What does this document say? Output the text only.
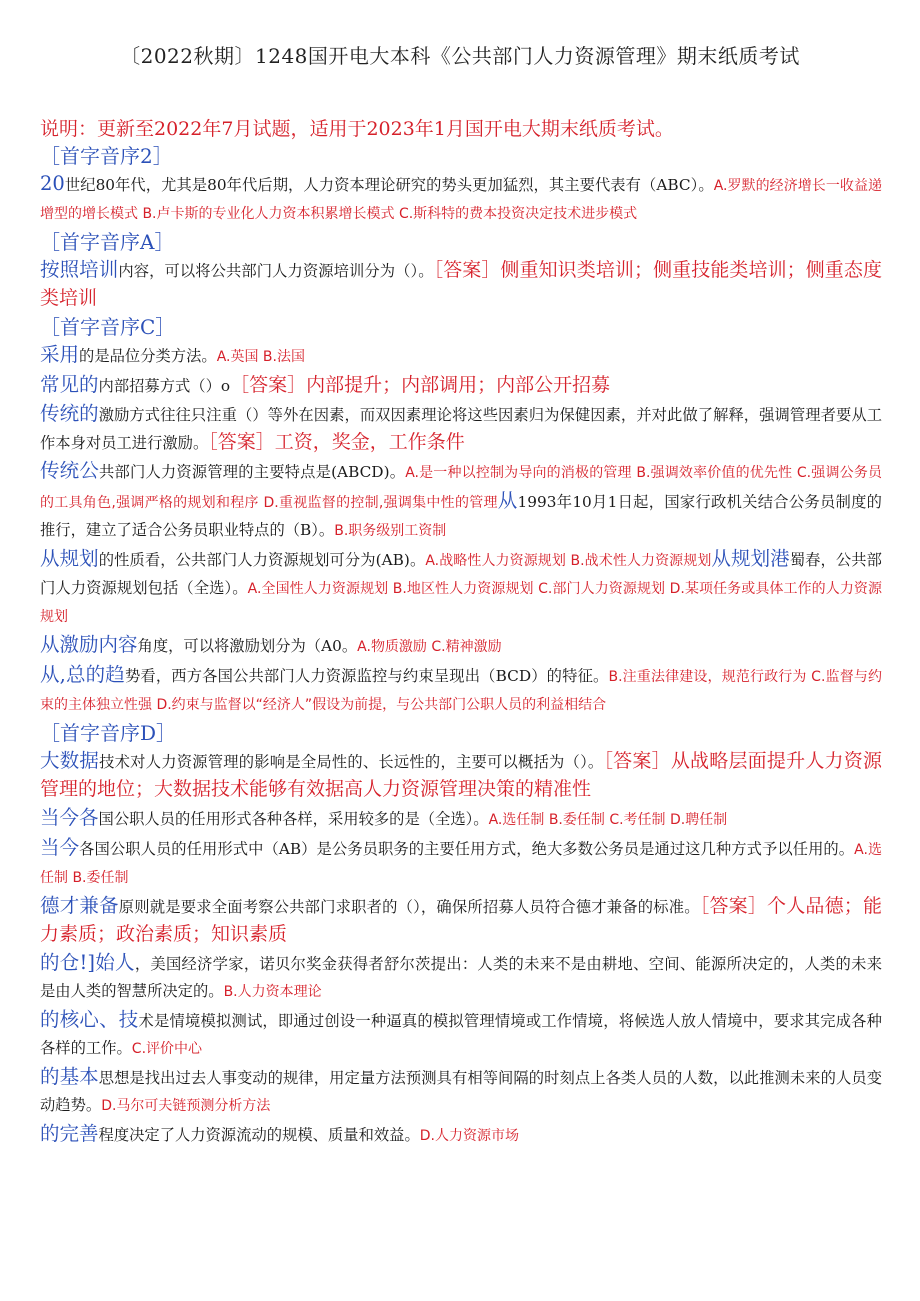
〔2022秋期〕1248国开电大本科《公共部门人力资源管理》期末纸质考试
说明：更新至2022年7月试题，适用于2023年1月国开电大期末纸质考试。
［首字音序2］
20世纪80年代，尤其是80年代后期，人力资本理论研究的势头更加猛烈，其主要代表有（ABC）。A.罗默的经济增长一收益递增型的增长模式 B.卢卡斯的专业化人力资本积累增长模式 C.斯科特的费本投资决定技术进步模式
［首字音序A］
按照培训内容，可以将公共部门人力资源培训分为（）。［答案］侧重知识类培训；侧重技能类培训；侧重态度类培训
［首字音序C］
采用的是品位分类方法。A.英国 B.法国
常见的内部招募方式（）o［答案］内部提升；内部调用；内部公开招募
传统的激励方式往往只注重（）等外在因素，而双因素理论将这些因素归为保健因素，并对此做了解释，强调管理者要从工作本身对员工进行激励。［答案］工资，奖金，工作条件
传统公共部门人力资源管理的主要特点是(ABCD)。A.是一种以控制为导向的消极的管理 B.强调效率价值的优先性 C.强调公务员的工具角色,强调严格的规划和程序 D.重视监督的控制,强调集中性的管理从1993年10月1日起，国家行政机关结合公务员制度的推行，建立了适合公务员职业特点的（B）。B.职务级别工资制
从规划的性质看，公共部门人力资源规划可分为(AB)。A.战略性人力资源规划 B.战术性人力资源规划从规划港蜀春，公共部门人力资源规划包括（全选）。A.全国性人力资源规划 B.地区性人力资源规划 C.部门人力资源规划 D.某项任务或具体工作的人力资源规划
从激励内容角度，可以将激励划分为（A0。A.物质激励 C.精神激励
从,总的趋势看，西方各国公共部门人力资源监控与约束呈现出（BCD）的特征。B.注重法律建设，规范行政行为 C.监督与约束的主体独立性强 D.约束与监督以“经济人”假设为前提，与公共部门公职人员的利益相结合
［首字音序D］
大数据技术对人力资源管理的影响是全局性的、长远性的，主要可以概括为（）。［答案］从战略层面提升人力资源管理的地位；大数据技术能够有效据高人力资源管理决策的精准性
当今各国公职人员的任用形式各种各样，采用较多的是（全选）。A.选任制 B.委任制 C.考任制 D.聘任制
当今各国公职人员的任用形式中（AB）是公务员职务的主要任用方式，绝大多数公务员是通过这几种方式予以任用的。A.选任制 B.委任制
德才兼备原则就是要求全面考察公共部门求职者的（），确保所招募人员符合德才兼备的标准。［答案］个人品德；能力素质；政治素质；知识素质
的仓!]始人，美国经济学家，诺贝尔奖金获得者舒尔茨提出：人类的未来不是由耕地、空间、能源所决定的，人类的未来是由人类的智慧所决定的。B.人力资本理论
的核心、技术是情境模拟测试，即通过创设一种逼真的模拟管理情境或工作情境，将候选人放人情境中，要求其完成各种各样的工作。C.评价中心
的基本思想是找出过去人事变动的规律，用定量方法预测具有相等间隔的时刻点上各类人员的人数，以此推测未来的人员变动趋势。D.马尔可夫链预测分析方法
的完善程度决定了人力资源流动的规模、质量和效益。D.人力资源市场
